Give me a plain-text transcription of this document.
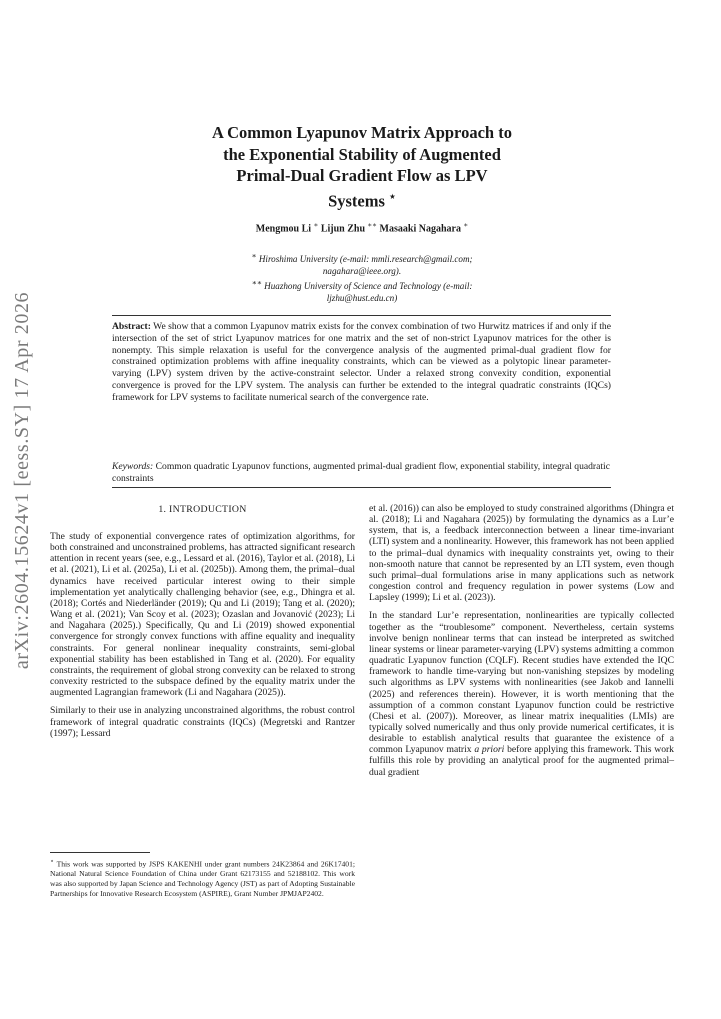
arXiv:2604.15624v1 [eess.SY] 17 Apr 2026
A Common Lyapunov Matrix Approach to
the Exponential Stability of Augmented
Primal-Dual Gradient Flow as LPV
Systems ⋆
Mengmou Li ∗ Lijun Zhu ∗∗ Masaaki Nagahara ∗

∗ Hiroshima University (e-mail: mmli.research@gmail.com;

nagahara@ieee.org).

∗∗ Huazhong University of Science and Technology (e-mail:

ljzhu@hust.edu.cn)

Abstract: We show that a common Lyapunov matrix exists for the convex combination of two Hurwitz matrices if and only if the intersection of the set of strict Lyapunov matrices for one matrix and the set of non-strict Lyapunov matrices for the other is nonempty. This simple relaxation is useful for the convergence analysis of the augmented primal-dual gradient flow for constrained optimization problems with affine inequality constraints, which can be viewed as a polytopic linear parameter-varying (LPV) system driven by the active-constraint selector. Under a relaxed strong convexity condition, exponential convergence is proved for the LPV system. The analysis can further be extended to the integral quadratic constraints (IQCs) framework for LPV systems to facilitate numerical search of the convergence rate.

Keywords: Common quadratic Lyapunov functions, augmented primal-dual gradient flow, exponential stability, integral quadratic constraints

1. INTRODUCTION

The study of exponential convergence rates of optimization algorithms, for both constrained and unconstrained problems, has attracted significant research attention in recent years (see, e.g., Lessard et al. (2016), Taylor et al. (2018), Li et al. (2021), Li et al. (2025a), Li et al. (2025b)). Among them, the primal–dual dynamics have received particular interest owing to their simple implementation yet analytically challenging behavior (see, e.g., Dhingra et al. (2018); Cortés and Niederländer (2019); Qu and Li (2019); Tang et al. (2020); Wang et al. (2021); Van Scoy et al. (2023); Ozaslan and Jovanović (2023); Li and Nagahara (2025).) Specifically, Qu and Li (2019) showed exponential convergence for strongly convex functions with affine equality and inequality constraints. For general nonlinear inequality constraints, semi-global exponential stability has been established in Tang et al. (2020). For equality constraints, the requirement of global strong convexity can be relaxed to strong convexity restricted to the subspace defined by the equality matrix under the augmented Lagrangian framework (Li and Nagahara (2025)).

Similarly to their use in analyzing unconstrained algorithms, the robust control framework of integral quadratic constraints (IQCs) (Megretski and Rantzer (1997); Lessard

⋆ This work was supported by JSPS KAKENHI under grant numbers 24K23864 and 26K17401; National Natural Science Foundation of China under Grant 62173155 and 52188102. This work was also supported by Japan Science and Technology Agency (JST) as part of Adopting Sustainable Partnerships for Innovative Research Ecosystem (ASPIRE), Grant Number JPMJAP2402.

et al. (2016)) can also be employed to study constrained algorithms (Dhingra et al. (2018); Li and Nagahara (2025)) by formulating the dynamics as a Lur’e system, that is, a feedback interconnection between a linear time-invariant (LTI) system and a nonlinearity. However, this framework has not been applied to the primal–dual dynamics with inequality constraints yet, owing to their non-smooth nature that cannot be represented by an LTI system, even though such primal–dual formulations arise in many applications such as network congestion control and frequency regulation in power systems (Low and Lapsley (1999); Li et al. (2023)).

In the standard Lur’e representation, nonlinearities are typically collected together as the “troublesome” component. Nevertheless, certain systems involve benign nonlinear terms that can instead be interpreted as switched linear systems or linear parameter-varying (LPV) systems admitting a common quadratic Lyapunov function (CQLF). Recent studies have extended the IQC framework to handle time-varying but non-vanishing stepsizes by modeling such algorithms as LPV systems with nonlinearities (see Jakob and Iannelli (2025) and references therein). However, it is worth mentioning that the assumption of a common constant Lyapunov function could be restrictive (Chesi et al. (2007)). Moreover, as linear matrix inequalities (LMIs) are typically solved numerically and thus only provide numerical certificates, it is desirable to establish analytical results that guarantee the existence of a common Lyapunov matrix a priori before applying this framework. This work fulfills this role by providing an analytical proof for the augmented primal–dual gradient
